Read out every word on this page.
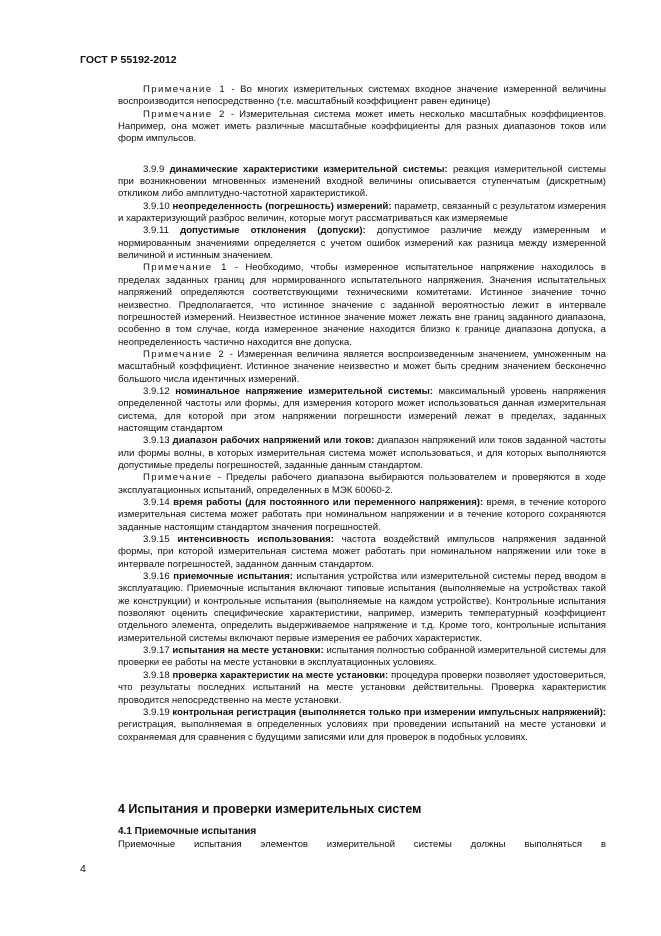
ГОСТ Р 55192-2012

Примечание 1 - Во многих измерительных системах входное значение измеренной величины воспроизводится непосредственно (т.е. масштабный коэффициент равен единице)

Примечание 2 - Измерительная система может иметь несколько масштабных коэффициентов. Например, она может иметь различные масштабные коэффициенты для разных диапазонов токов или форм импульсов.

3.9.9 динамические характеристики измерительной системы: реакция измерительной системы при возникновении мгновенных изменений входной величины описывается ступенчатым (дискретным) откликом либо амплитудно-частотной характеристикой.

3.9.10 неопределенность (погрешность) измерений: параметр, связанный с результатом измерения и характеризующий разброс величин, которые могут рассматриваться как измеряемые

3.9.11 допустимые отклонения (допуски): допустимое различие между измеренным и нормированным значениями определяется с учетом ошибок измерений как разница между измеренной величиной и истинным значением.

Примечание 1 - Необходимо, чтобы измеренное испытательное напряжение находилось в пределах заданных границ для нормированного испытательного напряжения. Значения испытательных напряжений определяются соответствующими техническими комитетами. Истинное значение точно неизвестно. Предполагается, что истинное значение с заданной вероятностью лежит в интервале погрешностей измерений. Неизвестное истинное значение может лежать вне границ заданного диапазона, особенно в том случае, когда измеренное значение находится близко к границе диапазона допуска, а неопределенность частично находится вне допуска.

Примечание 2 - Измеренная величина является воспроизведенным значением, умноженным на масштабный коэффициент. Истинное значение неизвестно и может быть средним значением бесконечно большого числа идентичных измерений.

3.9.12 номинальное напряжение измерительной системы: максимальный уровень напряжения определенной частоты или формы, для измерения которого может использоваться данная измерительная система, для которой при этом напряжении погрешности измерений лежат в пределах, заданных настоящим стандартом

3.9.13 диапазон рабочих напряжений или токов: диапазон напряжений или токов заданной частоты или формы волны, в которых измерительная система может использоваться, и для которых выполняются допустимые пределы погрешностей, заданные данным стандартом.

Примечание - Пределы рабочего диапазона выбираются пользователем и проверяются в ходе эксплуатационных испытаний, определенных в МЭК 60060-2.

3.9.14 время работы (для постоянного или переменного напряжения): время, в течение которого измерительная система может работать при номинальном напряжении и в течение которого сохраняются заданные настоящим стандартом значения погрешностей.

3.9.15 интенсивность использования: частота воздействий импульсов напряжения заданной формы, при которой измерительная система может работать при номинальном напряжении или токе в интервале погрешностей, заданном данным стандартом.

3.9.16 приемочные испытания: испытания устройства или измерительной системы перед вводом в эксплуатацию. Приемочные испытания включают типовые испытания (выполняемые на устройствах такой же конструкции) и контрольные испытания (выполняемые на каждом устройстве). Контрольные испытания позволяют оценить специфические характеристики, например, измерить температурный коэффициент отдельного элемента, определить выдерживаемое напряжение и т.д. Кроме того, контрольные испытания измерительной системы включают первые измерения ее рабочих характеристик.

3.9.17 испытания на месте установки: испытания полностью собранной измерительной системы для проверки ее работы на месте установки в эксплуатационных условиях.

3.9.18 проверка характеристик на месте установки: процедура проверки позволяет удостовериться, что результаты последних испытаний на месте установки действительны. Проверка характеристик проводится непосредственно на месте установки.

3.9.19 контрольная регистрация (выполняется только при измерении импульсных напряжений): регистрация, выполняемая в определенных условиях при проведении испытаний на месте установки и сохраняемая для сравнения с будущими записями или для проверок в подобных условиях.

4 Испытания и проверки измерительных систем
4.1 Приемочные испытания
Приемочные испытания элементов измерительной системы должны выполняться в
4
